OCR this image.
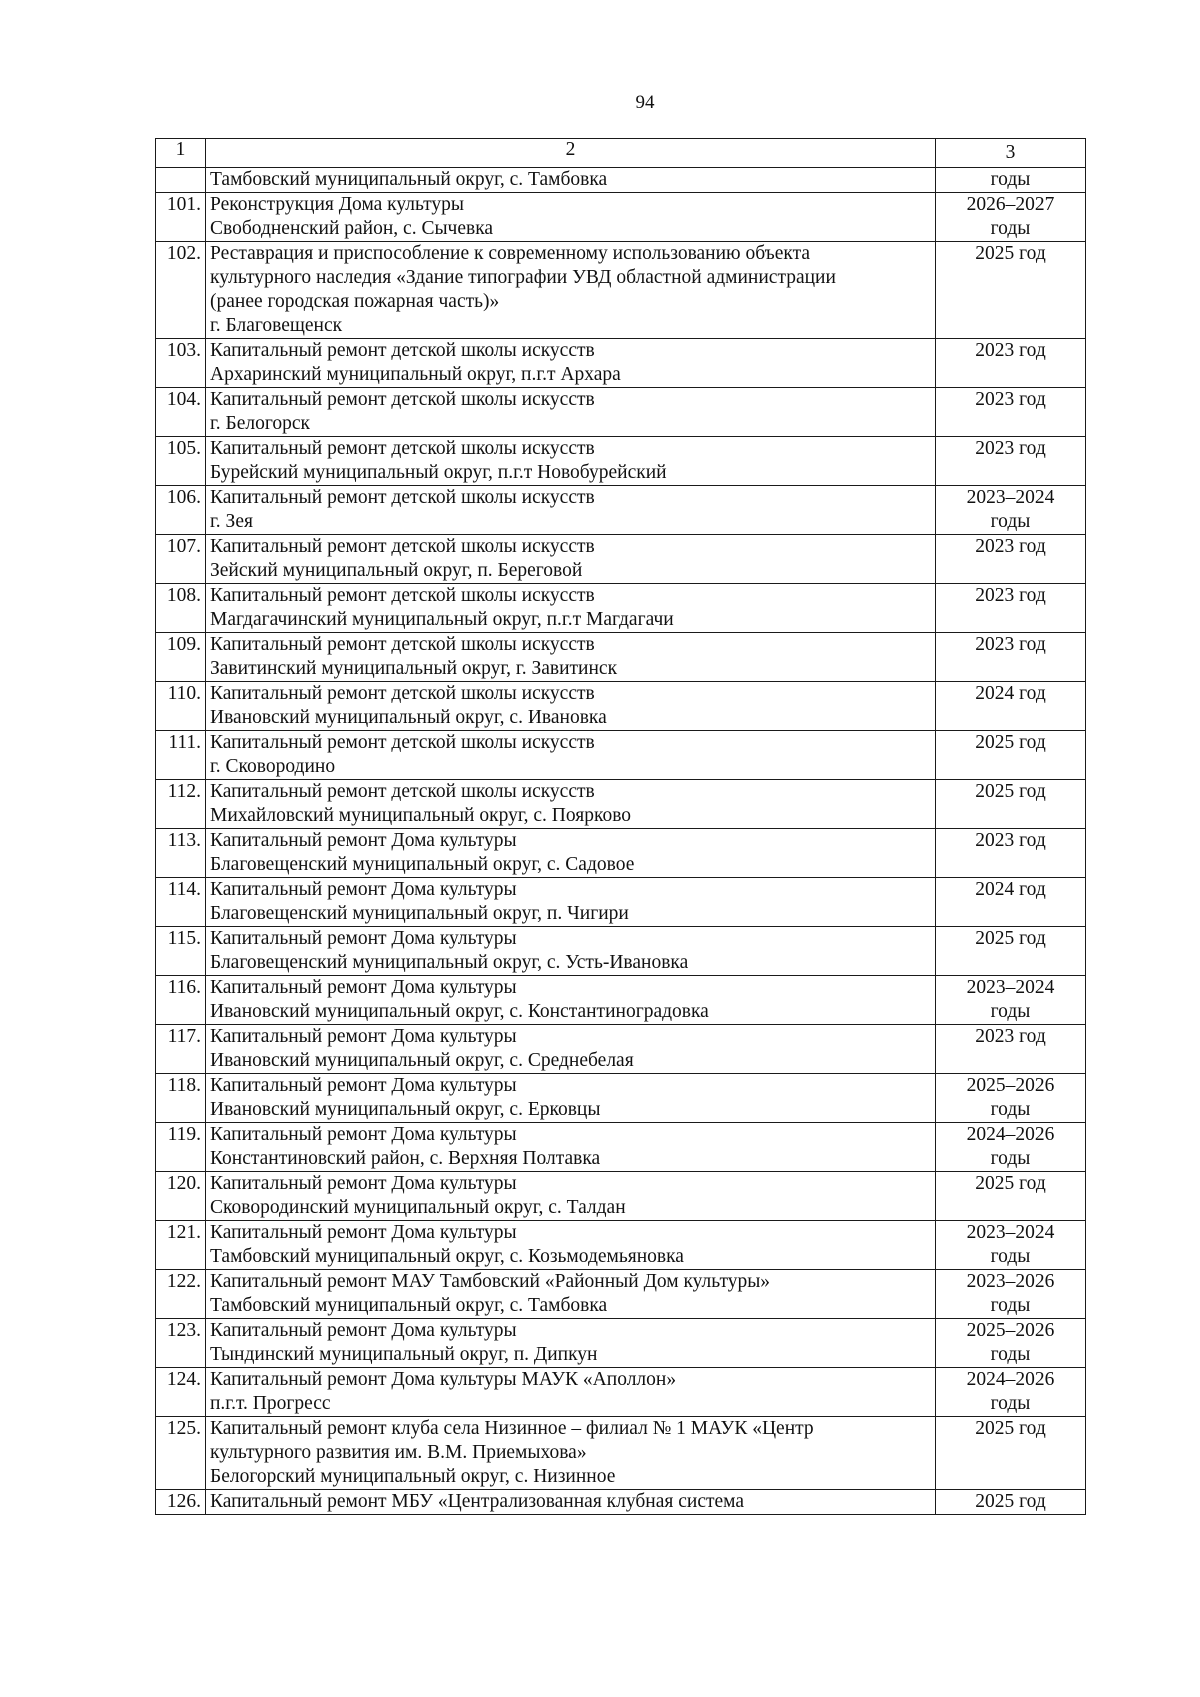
94
1	2	3

	Тамбовский муниципальный округ, с. Тамбовка	годы

101.	Реконструкция Дома культуры
Свободненский район, с. Сычевка	2026–2027
годы

102.	Реставрация и приспособление к современному использованию объекта
культурного наследия «Здание типографии УВД областной администрации
(ранее городская пожарная часть)»
г. Благовещенск	2025 год

103.	Капитальный ремонт детской школы искусств
Архаринский муниципальный округ, п.г.т Архара	2023 год

104.	Капитальный ремонт детской школы искусств
г. Белогорск	2023 год

105.	Капитальный ремонт детской школы искусств
Бурейский муниципальный округ, п.г.т Новобурейский	2023 год

106.	Капитальный ремонт детской школы искусств
г. Зея	2023–2024
годы

107.	Капитальный ремонт детской школы искусств
Зейский муниципальный округ, п. Береговой	2023 год

108.	Капитальный ремонт детской школы искусств
Магдагачинский муниципальный округ, п.г.т Магдагачи	2023 год

109.	Капитальный ремонт детской школы искусств
Завитинский муниципальный округ, г. Завитинск	2023 год

110.	Капитальный ремонт детской школы искусств
Ивановский муниципальный округ, с. Ивановка	2024 год

111.	Капитальный ремонт детской школы искусств
г. Сковородино	2025 год

112.	Капитальный ремонт детской школы искусств
Михайловский муниципальный округ, с. Поярково	2025 год

113.	Капитальный ремонт Дома культуры
Благовещенский муниципальный округ, с. Садовое	2023 год

114.	Капитальный ремонт Дома культуры
Благовещенский муниципальный округ, п. Чигири	2024 год

115.	Капитальный ремонт Дома культуры
Благовещенский муниципальный округ, с. Усть-Ивановка	2025 год

116.	Капитальный ремонт Дома культуры
Ивановский муниципальный округ, с. Константиноградовка	2023–2024
годы

117.	Капитальный ремонт Дома культуры
Ивановский муниципальный округ, с. Среднебелая	2023 год

118.	Капитальный ремонт Дома культуры
Ивановский муниципальный округ, с. Ерковцы	2025–2026
годы

119.	Капитальный ремонт Дома культуры
Константиновский район, с. Верхняя Полтавка	2024–2026
годы

120.	Капитальный ремонт Дома культуры
Сковородинский муниципальный округ, с. Талдан	2025 год

121.	Капитальный ремонт Дома культуры
Тамбовский муниципальный округ, с. Козьмодемьяновка	2023–2024
годы

122.	Капитальный ремонт МАУ Тамбовский «Районный Дом культуры»
Тамбовский муниципальный округ, с. Тамбовка	2023–2026
годы

123.	Капитальный ремонт Дома культуры
Тындинский муниципальный округ, п. Дипкун	2025–2026
годы

124.	Капитальный ремонт Дома культуры МАУК «Аполлон»
п.г.т. Прогресс	2024–2026
годы

125.	Капитальный ремонт клуба села Низинное – филиал № 1 МАУК «Центр
культурного развития им. В.М. Приемыхова»
Белогорский муниципальный округ, с. Низинное	2025 год

126.	Капитальный ремонт МБУ «Централизованная клубная система	2025 год
